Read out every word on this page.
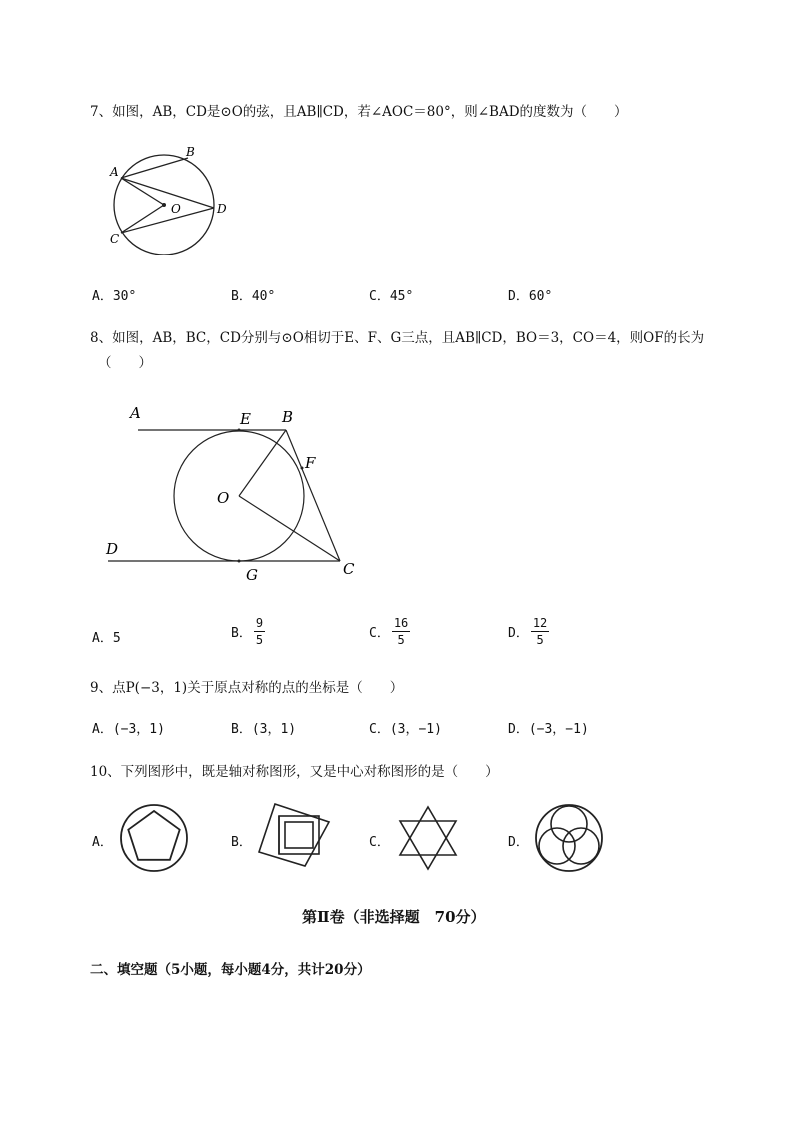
7、如图，AB，CD是⊙O的弦，且AB∥CD，若∠AOC＝80°，则∠BAD的度数为（　　）
A
B
O	D
C
A．30°	B．40°	C．45°	D．60°
8、如图，AB，BC，CD分别与⊙O相切于E、F、G三点，且AB∥CD，BO＝3，CO＝4，则OF的长为
（　　）
A	E B
F
O
D
G	C
A．5	B． $\frac{9}{5}$	C． $\frac{16}{5}$	D． $\frac{12}{5}$
9、点P(−3，1)关于原点对称的点的坐标是（　　）
A．(−3，1)	B．(3，1)	C．(3，−1)	D．(−3，−1)
10、下列图形中，既是轴对称图形，又是中心对称图形的是（　　）
A．	B．	C．	D．
第Ⅱ卷（非选择题　70分）
二、填空题（5小题，每小题4分，共计20分）
